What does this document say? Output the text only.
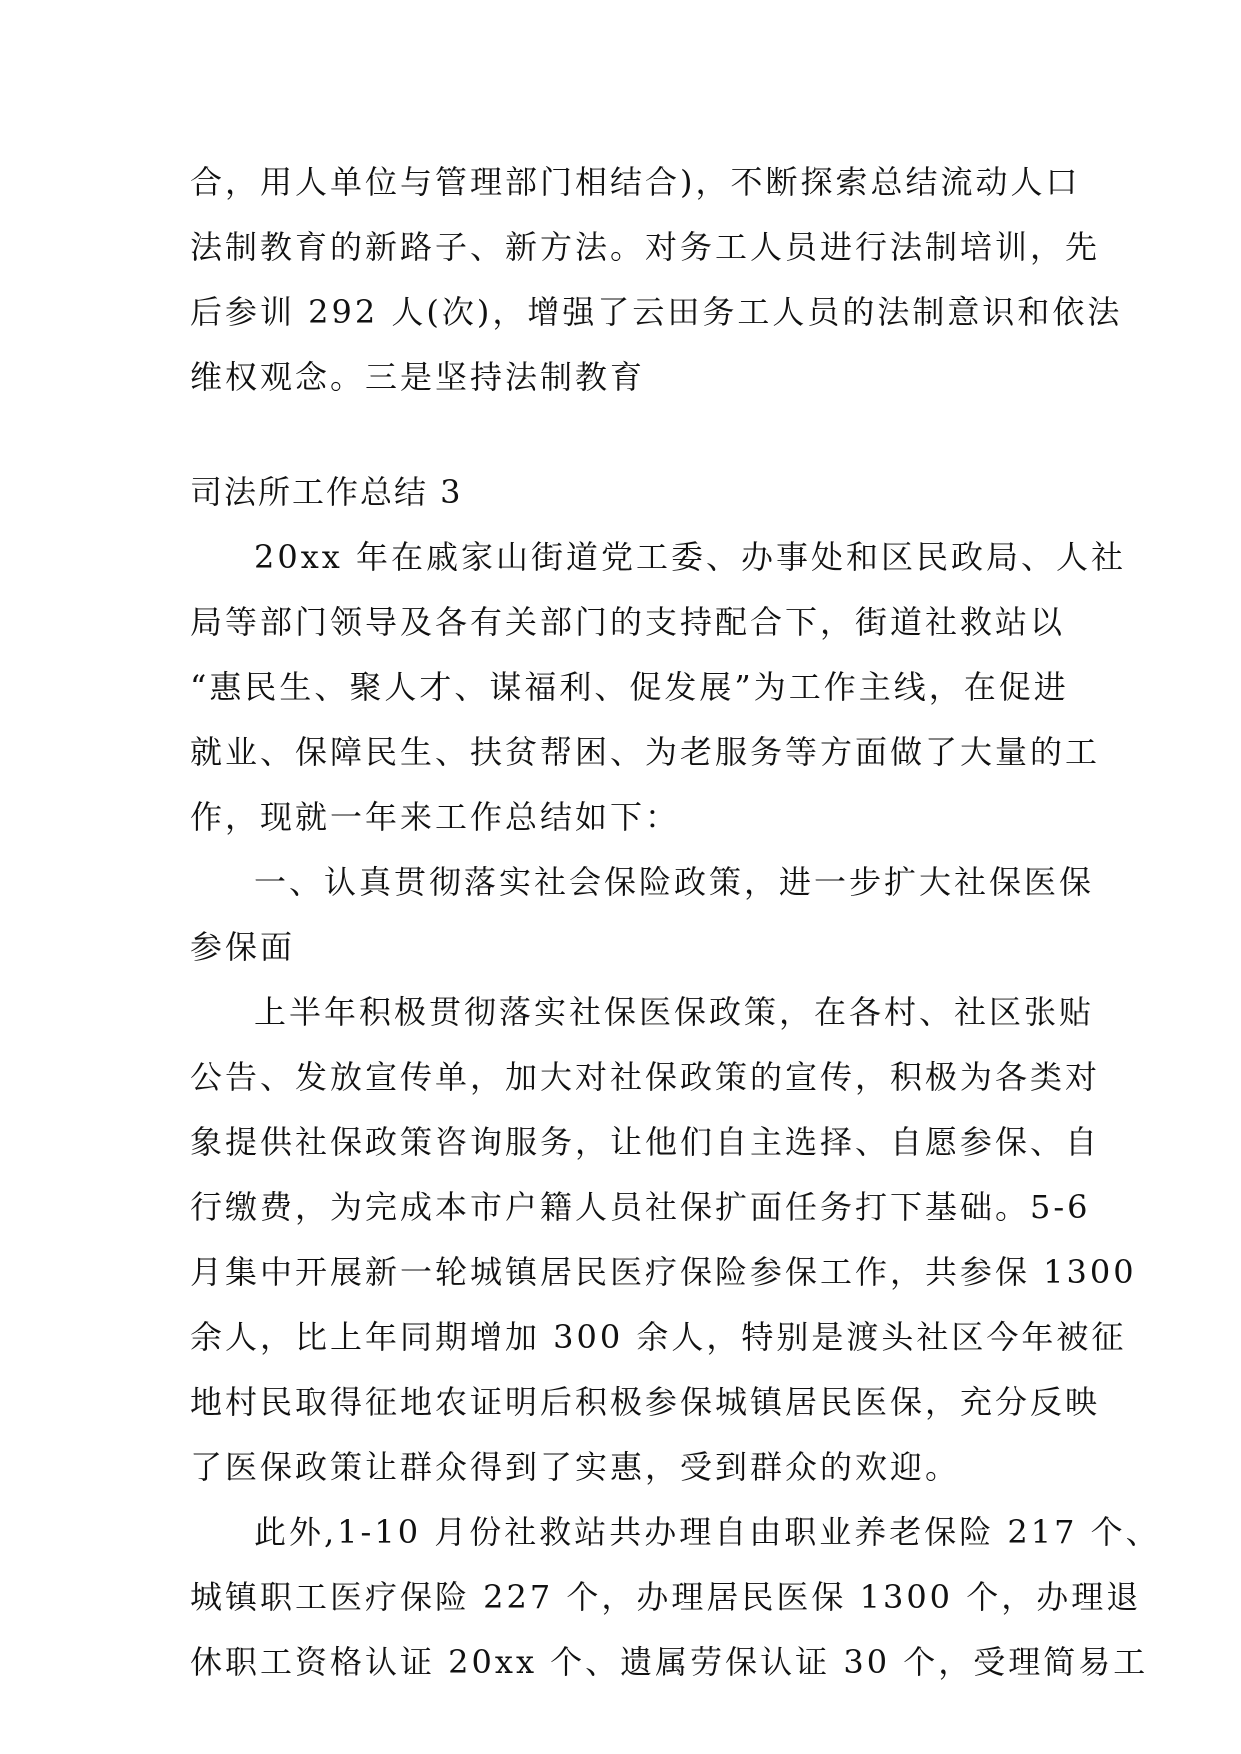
合，用人单位与管理部门相结合)，不断探索总结流动人口
法制教育的新路子、新方法。对务工人员进行法制培训，先
后参训 292 人(次)，增强了云田务工人员的法制意识和依法
维权观念。三是坚持法制教育
司法所工作总结 3
20xx 年在戚家山街道党工委、办事处和区民政局、人社
局等部门领导及各有关部门的支持配合下，街道社救站以
“惠民生、聚人才、谋福利、促发展”为工作主线，在促进
就业、保障民生、扶贫帮困、为老服务等方面做了大量的工
作，现就一年来工作总结如下：
一、认真贯彻落实社会保险政策，进一步扩大社保医保
参保面
上半年积极贯彻落实社保医保政策，在各村、社区张贴
公告、发放宣传单，加大对社保政策的宣传，积极为各类对
象提供社保政策咨询服务，让他们自主选择、自愿参保、自
行缴费，为完成本市户籍人员社保扩面任务打下基础。5-6
月集中开展新一轮城镇居民医疗保险参保工作，共参保 1300
余人，比上年同期增加 300 余人，特别是渡头社区今年被征
地村民取得征地农证明后积极参保城镇居民医保，充分反映
了医保政策让群众得到了实惠，受到群众的欢迎。
此外,1-10 月份社救站共办理自由职业养老保险 217 个、
城镇职工医疗保险 227 个，办理居民医保 1300 个，办理退
休职工资格认证 20xx 个、遗属劳保认证 30 个，受理简易工
